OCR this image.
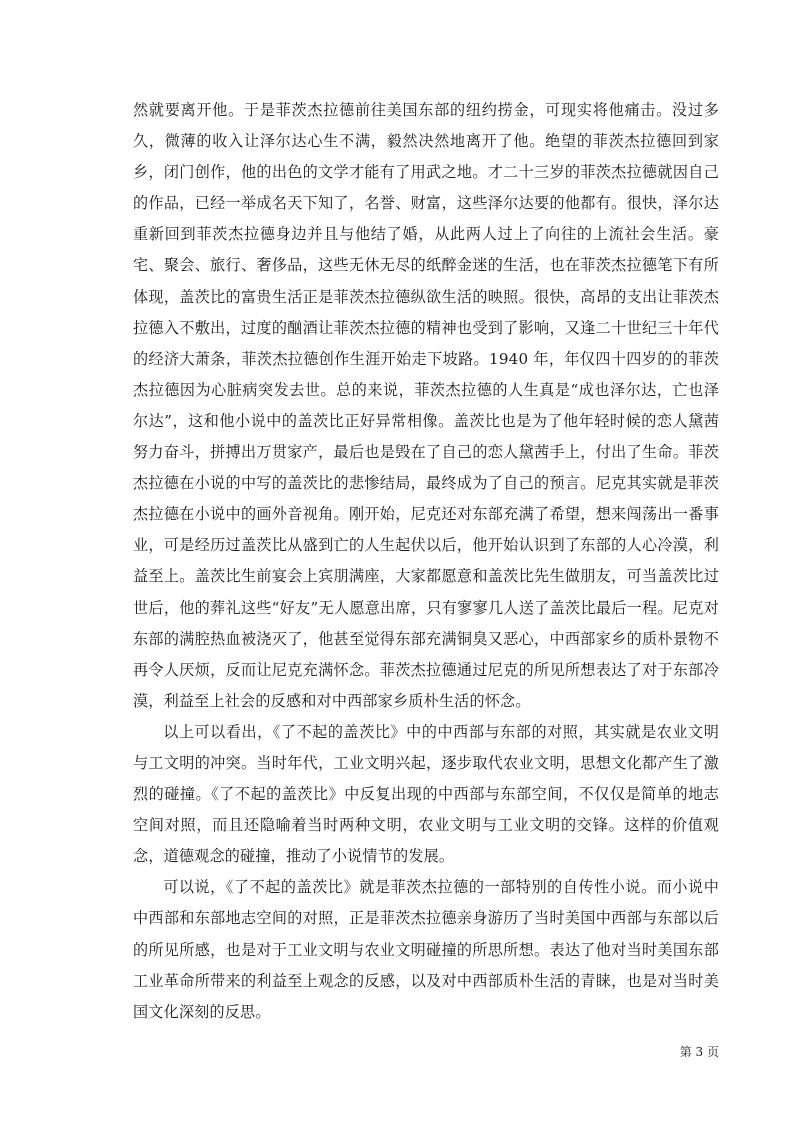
然就要离开他。于是菲茨杰拉德前往美国东部的纽约捞金，可现实将他痛击。没过多久，微薄的收入让泽尔达心生不满，毅然决然地离开了他。绝望的菲茨杰拉德回到家乡，闭门创作，他的出色的文学才能有了用武之地。才二十三岁的菲茨杰拉德就因自己的作品，已经一举成名天下知了，名誉、财富，这些泽尔达要的他都有。很快，泽尔达重新回到菲茨杰拉德身边并且与他结了婚，从此两人过上了向往的上流社会生活。豪宅、聚会、旅行、奢侈品，这些无休无尽的纸醉金迷的生活，也在菲茨杰拉德笔下有所体现，盖茨比的富贵生活正是菲茨杰拉德纵欲生活的映照。很快，高昂的支出让菲茨杰拉德入不敷出，过度的酗酒让菲茨杰拉德的精神也受到了影响，又逢二十世纪三十年代的经济大萧条，菲茨杰拉德创作生涯开始走下坡路。1940 年，年仅四十四岁的的菲茨杰拉德因为心脏病突发去世。总的来说，菲茨杰拉德的人生真是“成也泽尔达，亡也泽尔达”，这和他小说中的盖茨比正好异常相像。盖茨比也是为了他年轻时候的恋人黛茜努力奋斗，拼搏出万贯家产，最后也是毁在了自己的恋人黛茜手上，付出了生命。菲茨杰拉德在小说的中写的盖茨比的悲惨结局，最终成为了自己的预言。尼克其实就是菲茨杰拉德在小说中的画外音视角。刚开始，尼克还对东部充满了希望，想来闯荡出一番事业，可是经历过盖茨比从盛到亡的人生起伏以后，他开始认识到了东部的人心冷漠，利益至上。盖茨比生前宴会上宾朋满座，大家都愿意和盖茨比先生做朋友，可当盖茨比过世后，他的葬礼这些“好友”无人愿意出席，只有寥寥几人送了盖茨比最后一程。尼克对东部的满腔热血被浇灭了，他甚至觉得东部充满铜臭又恶心，中西部家乡的质朴景物不再令人厌烦，反而让尼克充满怀念。菲茨杰拉德通过尼克的所见所想表达了对于东部冷漠，利益至上社会的反感和对中西部家乡质朴生活的怀念。

以上可以看出，《了不起的盖茨比》中的中西部与东部的对照，其实就是农业文明与工文明的冲突。当时年代，工业文明兴起，逐步取代农业文明，思想文化都产生了激烈的碰撞。《了不起的盖茨比》中反复出现的中西部与东部空间，不仅仅是简单的地志空间对照，而且还隐喻着当时两种文明，农业文明与工业文明的交锋。这样的价值观念，道德观念的碰撞，推动了小说情节的发展。

可以说，《了不起的盖茨比》就是菲茨杰拉德的一部特别的自传性小说。而小说中中西部和东部地志空间的对照，正是菲茨杰拉德亲身游历了当时美国中西部与东部以后的所见所感，也是对于工业文明与农业文明碰撞的所思所想。表达了他对当时美国东部工业革命所带来的利益至上观念的反感，以及对中西部质朴生活的青睐，也是对当时美国文化深刻的反思。

第 3 页
